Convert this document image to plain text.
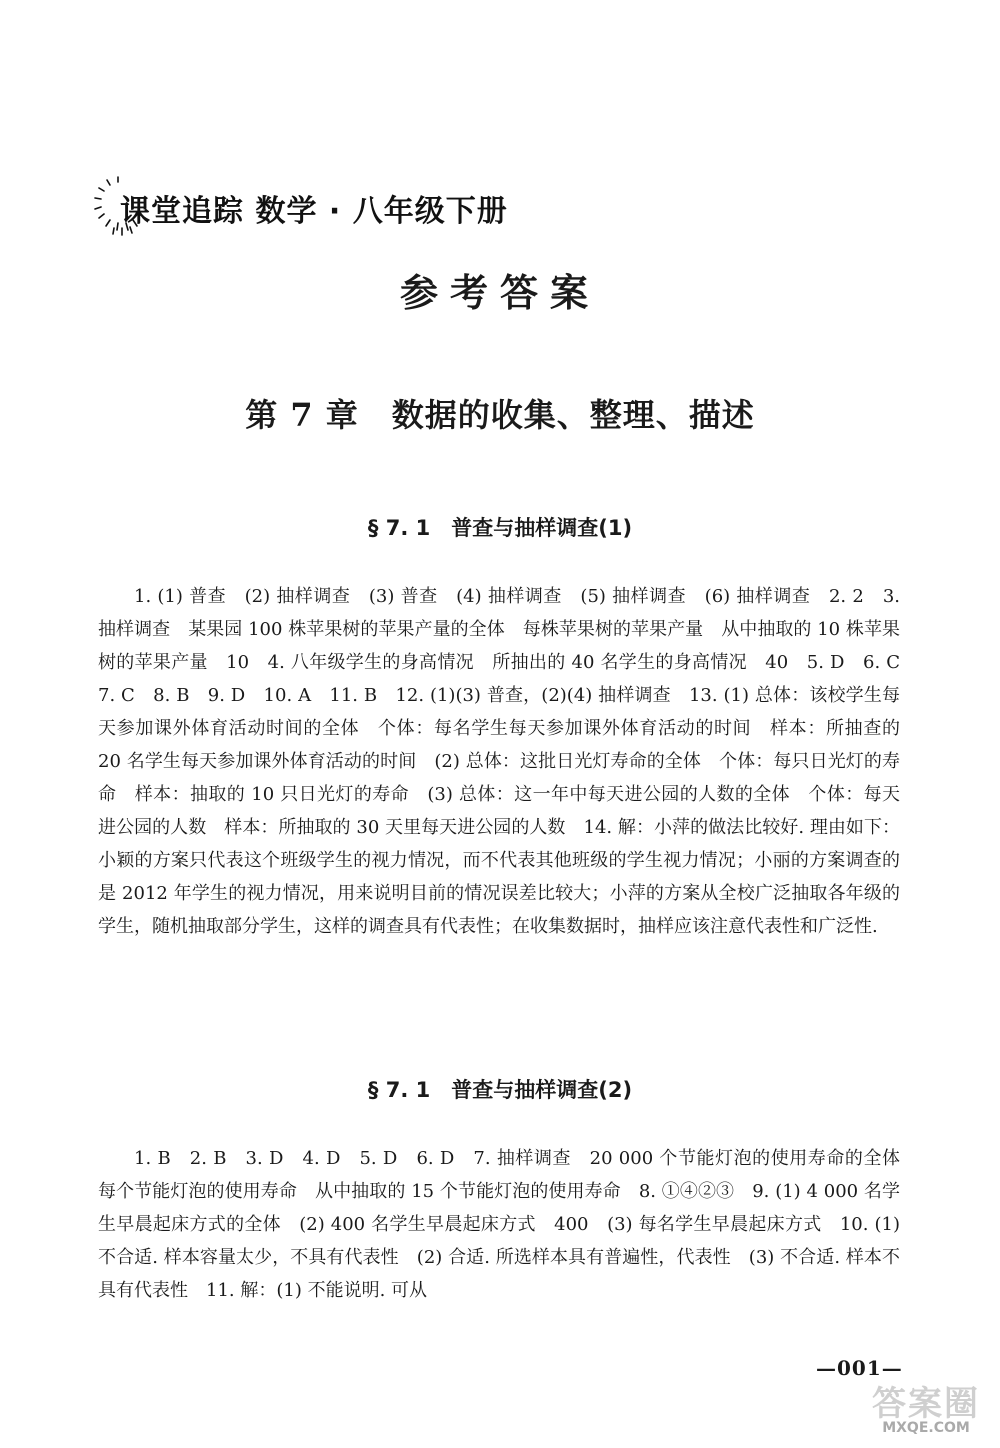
课堂追踪 数学 · 八年级下册
参考答案
第 7 章　数据的收集、整理、描述
§ 7. 1　普查与抽样调查(1)
1. (1) 普查　(2) 抽样调查　(3) 普查　(4) 抽样调查　(5) 抽样调查　(6) 抽样调查　2. 2　3. 抽样调查　某果园 100 株苹果树的苹果产量的全体　每株苹果树的苹果产量　从中抽取的 10 株苹果树的苹果产量　10　4. 八年级学生的身高情况　所抽出的 40 名学生的身高情况　40　5. D　6. C　7. C　8. B　9. D　10. A　11. B　12. (1)(3) 普查，(2)(4) 抽样调查　13. (1) 总体：该校学生每天参加课外体育活动时间的全体　个体：每名学生每天参加课外体育活动的时间　样本：所抽查的 20 名学生每天参加课外体育活动的时间　(2) 总体：这批日光灯寿命的全体　个体：每只日光灯的寿命　样本：抽取的 10 只日光灯的寿命　(3) 总体：这一年中每天进公园的人数的全体　个体：每天进公园的人数　样本：所抽取的 30 天里每天进公园的人数　14. 解：小萍的做法比较好. 理由如下：小颖的方案只代表这个班级学生的视力情况，而不代表其他班级的学生视力情况；小丽的方案调查的是 2012 年学生的视力情况，用来说明目前的情况误差比较大；小萍的方案从全校广泛抽取各年级的学生，随机抽取部分学生，这样的调查具有代表性；在收集数据时，抽样应该注意代表性和广泛性.
§ 7. 1　普查与抽样调查(2)
1. B　2. B　3. D　4. D　5. D　6. D　7. 抽样调查　20 000 个节能灯泡的使用寿命的全体　每个节能灯泡的使用寿命　从中抽取的 15 个节能灯泡的使用寿命　8. ①④②③　9. (1) 4 000 名学生早晨起床方式的全体　(2) 400 名学生早晨起床方式　400　(3) 每名学生早晨起床方式　10. (1) 不合适. 样本容量太少，不具有代表性　(2) 合适. 所选样本具有普遍性，代表性　(3) 不合适. 样本不具有代表性　11. 解：(1) 不能说明. 可从
—001—
答案圈
MXQE.COM
